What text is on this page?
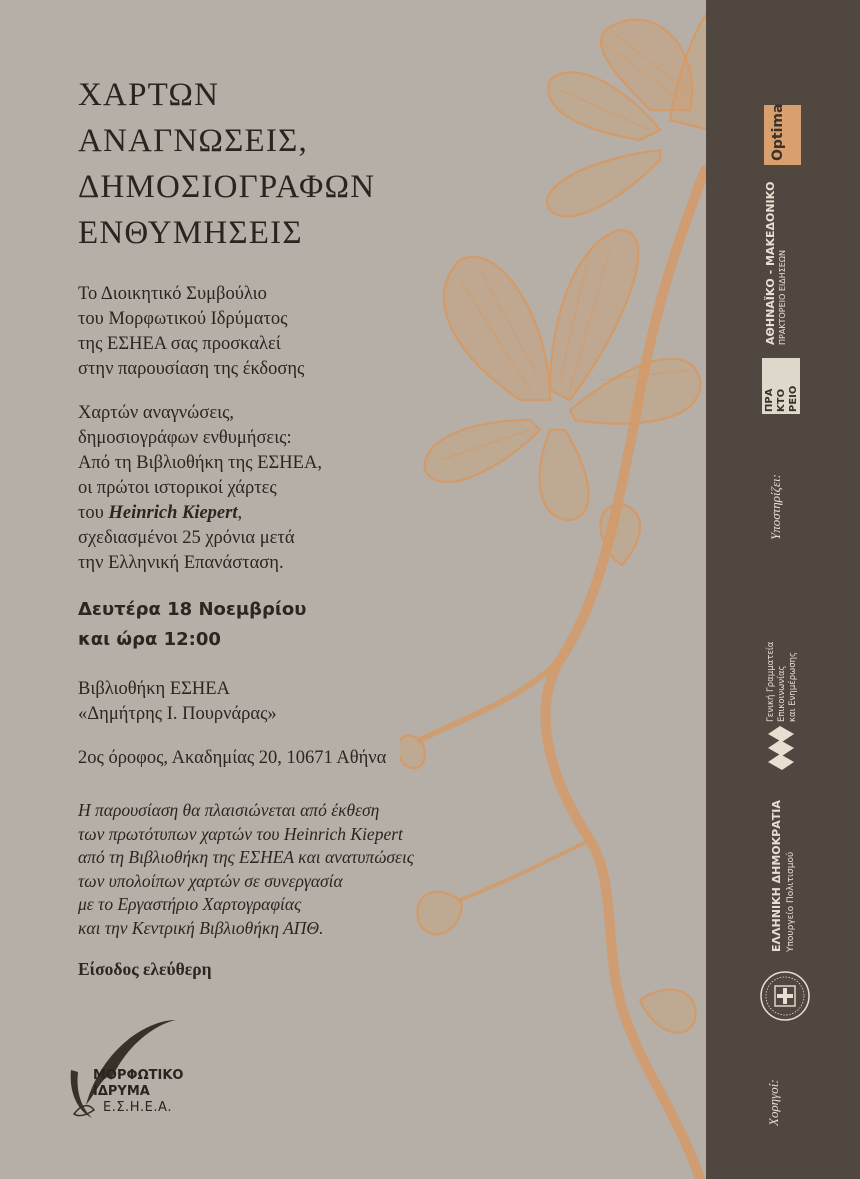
ΧΑΡΤΩΝ
ΑΝΑΓΝΩΣΕΙΣ,
ΔΗΜΟΣΙΟΓΡΑΦΩΝ
ΕΝΘΥΜΗΣΕΙΣ

Το Διοικητικό Συμβούλιο
του Μορφωτικού Ιδρύματος
της ΕΣΗΕΑ σας προσκαλεί
στην παρουσίαση της έκδοσης

Χαρτών αναγνώσεις,
δημοσιογράφων ενθυμήσεις:
Από τη Βιβλιοθήκη της ΕΣΗΕΑ,
οι πρώτοι ιστορικοί χάρτες
του Heinrich Kiepert,
σχεδιασμένοι 25 χρόνια μετά
την Ελληνική Επανάσταση.

Δευτέρα 18 Νοεμβρίου
και ώρα 12:00

Βιβλιοθήκη ΕΣΗΕΑ
«Δημήτρης Ι. Πουρνάρας»

2ος όροφος, Ακαδημίας 20, 10671 Αθήνα

Η παρουσίαση θα πλαισιώνεται από έκθεση
των πρωτότυπων χαρτών του Heinrich Kiepert
από τη Βιβλιοθήκη της ΕΣΗΕΑ και ανατυπώσεις
των υπολοίπων χαρτών σε συνεργασία
με το Εργαστήριο Χαρτογραφίας
και την Κεντρική Βιβλιοθήκη ΑΠΘ.

Είσοδος ελεύθερη

ΜΟΡΦΩΤΙΚΟ
ΙΔΡΥΜΑ
Ε.Σ.Η.Ε.Α.
Optima
ΑΘΗΝΑΪΚΟ - ΜΑΚΕΔΟΝΙΚΟ ΠΡΑΚΤΟΡΕΙΟ ΕΙΔΗΣΕΩΝ
ΠΡΑ ΚΤΟ ΡΕΙΟ
Υποστηρίζει:
Γενική Γραμματεία Επικοινωνίας και Ενημέρωσης
ΕΛΛΗΝΙΚΗ ΔΗΜΟΚΡΑΤΙΑ Υπουργείο Πολιτισμού
Χορηγοί:
